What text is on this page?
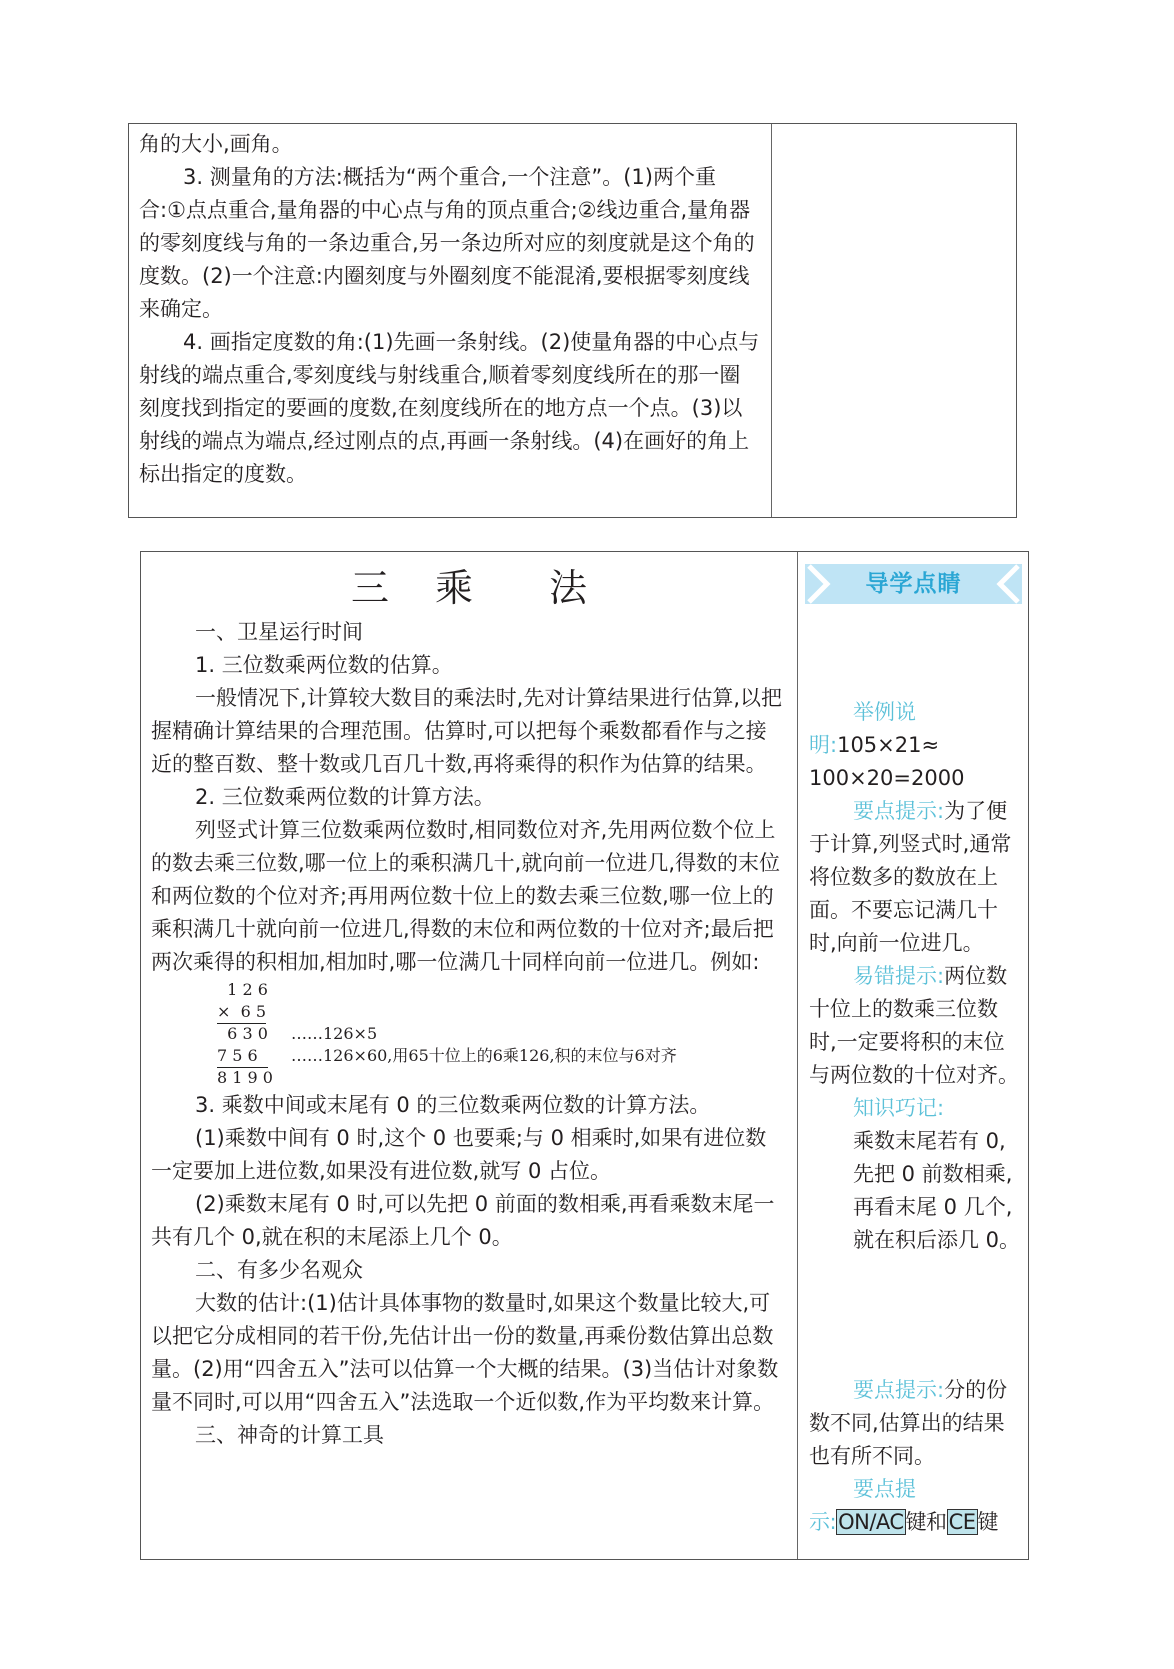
角的大小,画角。

3. 测量角的方法:概括为“两个重合,一个注意”。(1)两个重合:①点点重合,量角器的中心点与角的顶点重合;②线边重合,量角器的零刻度线与角的一条边重合,另一条边所对应的刻度就是这个角的度数。(2)一个注意:内圈刻度与外圈刻度不能混淆,要根据零刻度线来确定。

4. 画指定度数的角:(1)先画一条射线。(2)使量角器的中心点与射线的端点重合,零刻度线与射线重合,顺着零刻度线所在的那一圈刻度找到指定的要画的度数,在刻度线所在的地方点一个点。(3)以射线的端点为端点,经过刚点的点,再画一条射线。(4)在画好的角上标出指定的度数。

三 乘 法

一、卫星运行时间

1. 三位数乘两位数的估算。

一般情况下,计算较大数目的乘法时,先对计算结果进行估算,以把握精确计算结果的合理范围。估算时,可以把每个乘数都看作与之接近的整百数、整十数或几百几十数,再将乘得的积作为估算的结果。

2. 三位数乘两位数的计算方法。

列竖式计算三位数乘两位数时,相同数位对齐,先用两位数个位上的数去乘三位数,哪一位上的乘积满几十,就向前一位进几,得数的末位和两位数的个位对齐;再用两位数十位上的数去乘三位数,哪一位上的乘积满几十就向前一位进几,得数的末位和两位数的十位对齐;最后把两次乘得的积相加,相加时,哪一位满几十同样向前一位进几。例如:

1 2 6
×  6 5
6 3 0 ……126×5
7 5 6 ……126×60,用65十位上的6乘126,积的末位与6对齐
8 1 9 0

3. 乘数中间或末尾有 0 的三位数乘两位数的计算方法。

(1)乘数中间有 0 时,这个 0 也要乘;与 0 相乘时,如果有进位数一定要加上进位数,如果没有进位数,就写 0 占位。

(2)乘数末尾有 0 时,可以先把 0 前面的数相乘,再看乘数末尾一共有几个 0,就在积的末尾添上几个 0。

二、有多少名观众

大数的估计:(1)估计具体事物的数量时,如果这个数量比较大,可以把它分成相同的若干份,先估计出一份的数量,再乘份数估算出总数量。(2)用“四舍五入”法可以估算一个大概的结果。(3)当估计对象数量不同时,可以用“四舍五入”法选取一个近似数,作为平均数来计算。

三、神奇的计算工具

导学点睛

举例说

明:105×21≈

100×20=2000

要点提示:为了便于计算,列竖式时,通常将位数多的数放在上面。不要忘记满几十时,向前一位进几。

易错提示:两位数十位上的数乘三位数时,一定要将积的末位与两位数的十位对齐。

知识巧记:

乘数末尾若有 0,

先把 0 前数相乘,

再看末尾 0 几个,

就在积后添几 0。

要点提示:分的份数不同,估算出的结果也有所不同。

要点提

示:ON/AC键和CE键
